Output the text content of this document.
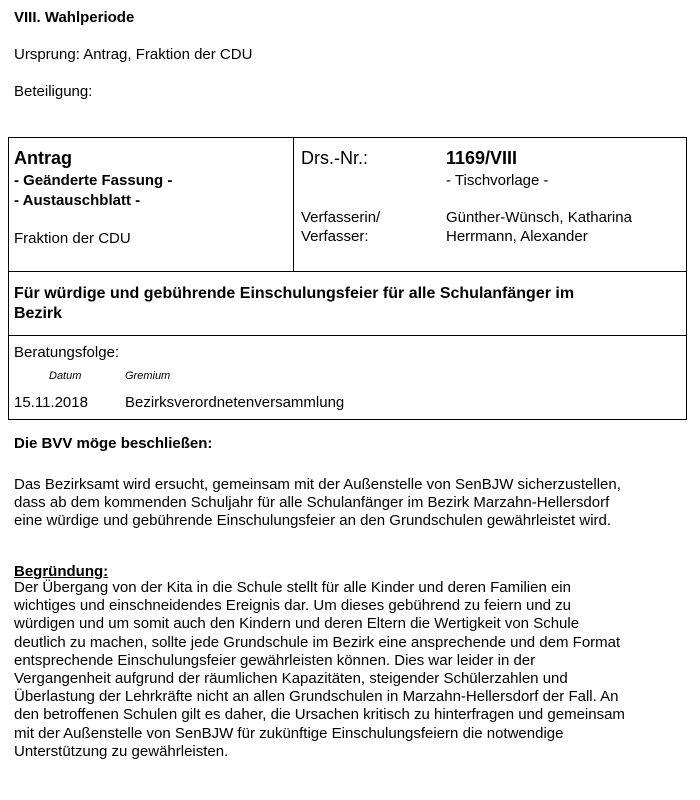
VIII. Wahlperiode
Ursprung: Antrag, Fraktion der CDU
Beteiligung:
Antrag
- Geänderte Fassung -
- Austauschblatt -
Fraktion der CDU
Drs.-Nr.:	1169/VIII
- Tischvorlage -
Verfasserin/
Verfasser:
Günther-Wünsch, Katharina
Herrmann, Alexander
Für würdige und gebührende Einschulungsfeier für alle Schulanfänger im
Bezirk
Beratungsfolge:
Datum	Gremium
15.11.2018 Bezirksverordnetenversammlung
Die BVV möge beschließen:
Das Bezirksamt wird ersucht, gemeinsam mit der Außenstelle von SenBJW sicherzustellen,
dass ab dem kommenden Schuljahr für alle Schulanfänger im Bezirk Marzahn-Hellersdorf
eine würdige und gebührende Einschulungsfeier an den Grundschulen gewährleistet wird.
Begründung:
Der Übergang von der Kita in die Schule stellt für alle Kinder und deren Familien ein
wichtiges und einschneidendes Ereignis dar. Um dieses gebührend zu feiern und zu
würdigen und um somit auch den Kindern und deren Eltern die Wertigkeit von Schule
deutlich zu machen, sollte jede Grundschule im Bezirk eine ansprechende und dem Format
entsprechende Einschulungsfeier gewährleisten können. Dies war leider in der
Vergangenheit aufgrund der räumlichen Kapazitäten, steigender Schülerzahlen und
Überlastung der Lehrkräfte nicht an allen Grundschulen in Marzahn-Hellersdorf der Fall. An
den betroffenen Schulen gilt es daher, die Ursachen kritisch zu hinterfragen und gemeinsam
mit der Außenstelle von SenBJW für zukünftige Einschulungsfeiern die notwendige
Unterstützung zu gewährleisten.
